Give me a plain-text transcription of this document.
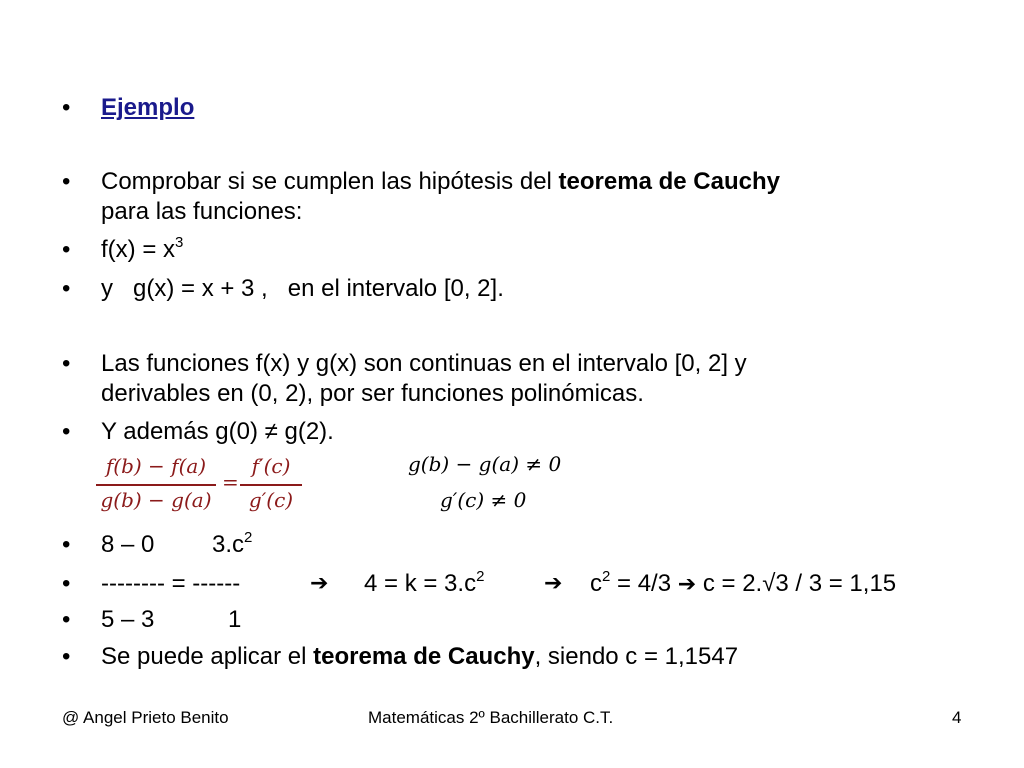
• Ejemplo
• Comprobar si se cumplen las hipótesis del teorema de Cauchy
para las funciones:
• $f(x) = x^3$
• y   g(x) = x + 3 ,   en el intervalo [0, 2].
• Las funciones f(x) y g(x) son continuas en el intervalo [0, 2] y
derivables en (0, 2), por ser funciones polinómicas.
• Y además g(0) ≠ g(2).
f(b) − f(a)
g(b) − g(a)
=
f′(c)
g′(c)
g(b) − g(a) ≠ 0
g′(c) ≠ 0
• 8 – 0 $3.c^2$
• -------- = ------	➔ $4 = k = 3.c^2$	➔ $c^2 = 4/3$ ➔ c = 2.√3 / 3 = 1,15
• 5 – 3	1
• Se puede aplicar el teorema de Cauchy, siendo c = 1,1547
@ Angel Prieto Benito	Matemáticas 2º Bachillerato C.T.	4
